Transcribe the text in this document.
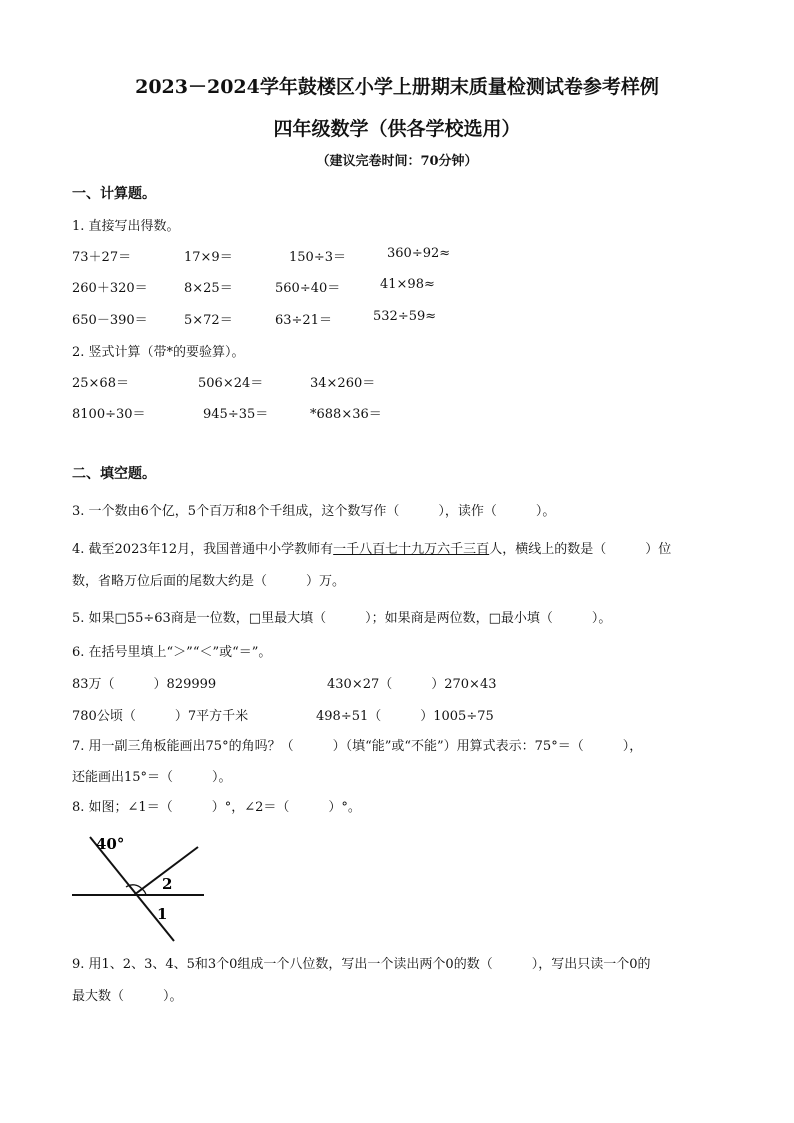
2023－2024学年鼓楼区小学上册期末质量检测试卷参考样例
四年级数学（供各学校选用）
（建议完卷时间：70分钟）
一、计算题。
1. 直接写出得数。
73＋27＝	17×9＝	150÷3＝	360÷92≈
260＋320＝	8×25＝	560÷40＝	41×98≈
650－390＝	5×72＝	63÷21＝	532÷59≈
2. 竖式计算（带*的要验算）。
25×68＝	506×24＝	34×260＝
8100÷30＝	945÷35＝	*688×36＝
二、填空题。
3. 一个数由6个亿，5个百万和8个千组成，这个数写作（　　　），读作（　　　）。
4. 截至2023年12月，我国普通中小学教师有一千八百七十九万六千三百人，横线上的数是（　　　）位
数，省略万位后面的尾数大约是（　　　）万。
5. 如果□55÷63商是一位数，□里最大填（　　　）；如果商是两位数，□最小填（　　　）。
6. 在括号里填上“＞”“＜”或“＝”。
83万（　　　）829999	430×27（　　　）270×43
780公顷（　　　）7平方千米	498÷51（　　　）1005÷75
7. 用一副三角板能画出75°的角吗？（　　　）（填“能”或“不能”）用算式表示：75°＝（　　　），
还能画出15°＝（　　　）。
8. 如图；∠1＝（　　　）°，∠2＝（　　　）°。
40°
2
1
9. 用1、2、3、4、5和3个0组成一个八位数，写出一个读出两个0的数（　　　），写出只读一个0的
最大数（　　　）。
